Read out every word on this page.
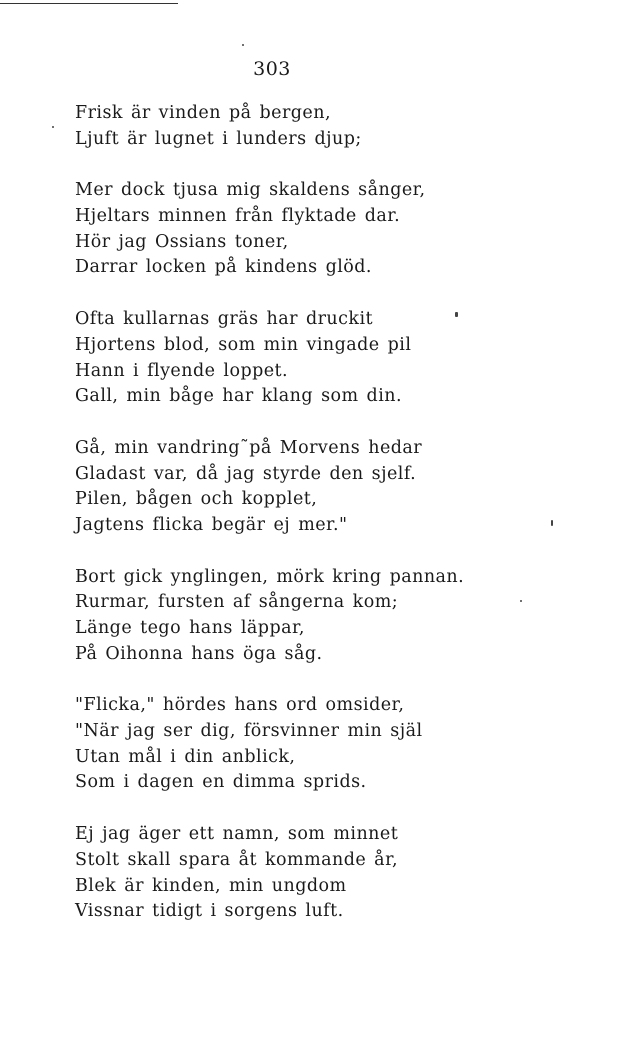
303
Frisk är vinden på bergen,
Ljuft är lugnet i lunders djup;
Mer dock tjusa mig skaldens sånger,
Hjeltars minnen från flyktade dar.
Hör jag Ossians toner,
Darrar locken på kindens glöd.
Ofta kullarnas gräs har druckit
Hjortens blod, som min vingade pil
Hann i flyende loppet.
Gall, min båge har klang som din.
Gå, min vandring˜på Morvens hedar
Gladast var, då jag styrde den sjelf.
Pilen, bågen och kopplet,
Jagtens flicka begär ej mer."
Bort gick ynglingen, mörk kring pannan.
Rurmar, fursten af sångerna kom;
Länge tego hans läppar,
På Oihonna hans öga såg.
"Flicka," hördes hans ord omsider,
"När jag ser dig, försvinner min själ
Utan mål i din anblick,
Som i dagen en dimma sprids.
Ej jag äger ett namn, som minnet
Stolt skall spara åt kommande år,
Blek är kinden, min ungdom
Vissnar tidigt i sorgens luft.
